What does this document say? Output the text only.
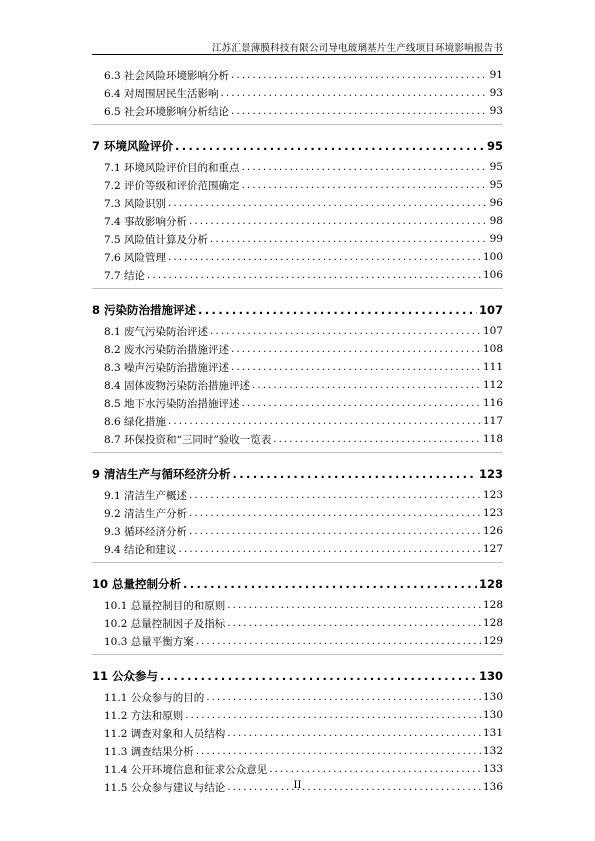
江苏汇景薄膜科技有限公司导电玻璃基片生产线项目环境影响报告书
6.3 社会风险环境影响分析 .....	91
6.4 对周围居民生活影响 .....	93
6.5 社会环境影响分析结论 .....	93
7 环境风险评价 .....	95
7.1 环境风险评价目的和重点 .....	95
7.2 评价等级和评价范围确定 .....	95
7.3 风险识别 .....	96
7.4 事故影响分析 .....	98
7.5 风险值计算及分析 .....	99
7.6 风险管理 .....	100
7.7 结论 .....	106
8 污染防治措施评述 .....	107
8.1 废气污染防治评述 .....	107
8.2 废水污染防治措施评述 .....	108
8.3 噪声污染防治措施评述 .....	111
8.4 固体废物污染防治措施评述 .....	112
8.5 地下水污染防治措施评述 .....	116
8.6 绿化措施 .....	117
8.7 环保投资和“三同时”验收一览表 .....	118
9 清洁生产与循环经济分析 .....	123
9.1 清洁生产概述 .....	123
9.2 清洁生产分析 .....	123
9.3 循环经济分析 .....	126
9.4 结论和建议 .....	127
10 总量控制分析 .....	128
10.1 总量控制目的和原则 .....	128
10.2 总量控制因子及指标 .....	128
10.3 总量平衡方案 .....	129
11 公众参与 .....	130
11.1 公众参与的目的 .....	130
11.2 方法和原则 .....	130
11.2 调查对象和人员结构 .....	131
11.3 调查结果分析 .....	132
11.4 公开环境信息和征求公众意见 .....	133
11.5 公众参与建议与结论 .....	136
II
